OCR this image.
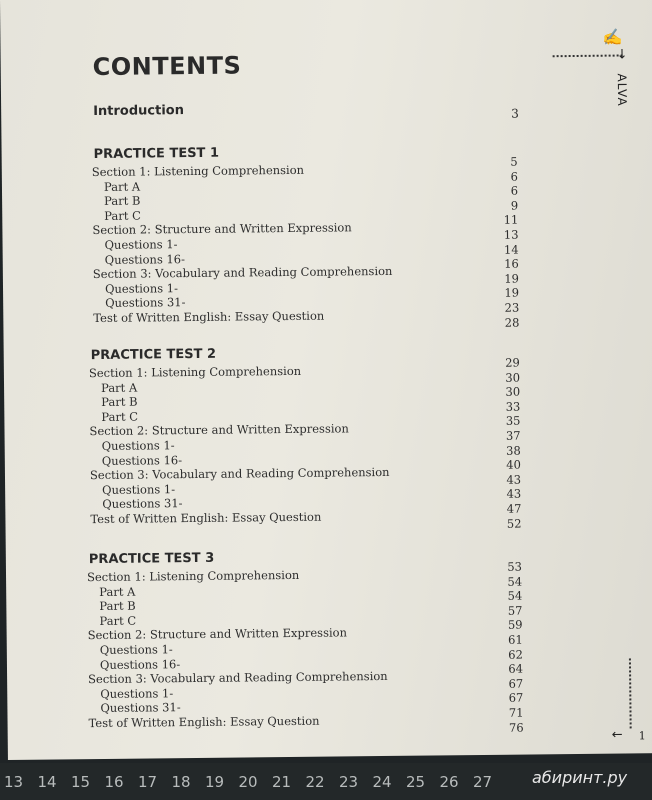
CONTENTS
Introduction	3
PRACTICE TEST 1
Section 1: Listening Comprehension
5
Part A
6
Part B
6
Part C
9
Section 2: Structure and Written Expression
11
Questions 1-
13
Questions 16-
14
Section 3: Vocabulary and Reading Comprehension
16
Questions 1-
19
Questions 31-
19
Test of Written English: Essay Question
23
28
PRACTICE TEST 2
Section 1: Listening Comprehension
29
Part A
30
Part B
30
Part C
33
Section 2: Structure and Written Expression
35
Questions 1-
37
Questions 16-
38
Section 3: Vocabulary and Reading Comprehension
40
Questions 1-
43
Questions 31-
43
Test of Written English: Essay Question
47
52
PRACTICE TEST 3
Section 1: Listening Comprehension
53
Part A
54
Part B
54
Part C
57
Section 2: Structure and Written Expression
59
Questions 1-
61
Questions 16-
62
Section 3: Vocabulary and Reading Comprehension
64
Questions 1-
67
Questions 31-
67
Test of Written English: Essay Question
71
76
✍
↓
ALVA
← 1
13 14 15 16 17 18 19 20 21 22 23 24 25 26 27 абиринт.ру
